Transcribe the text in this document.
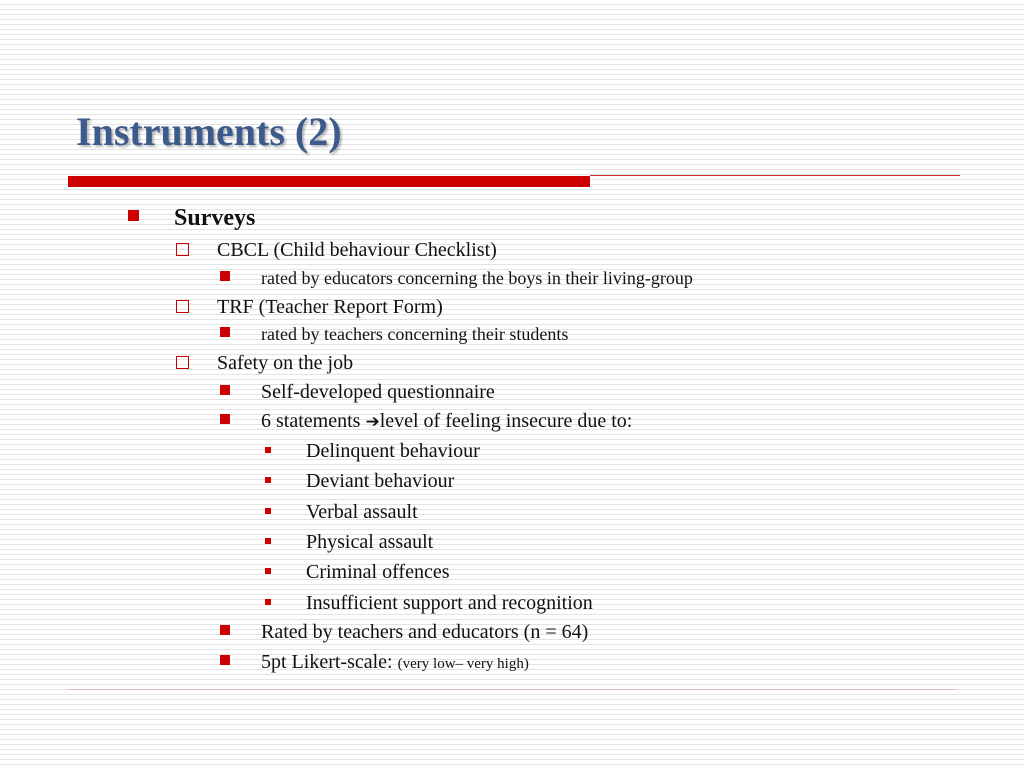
Instruments (2)
Surveys
CBCL (Child behaviour Checklist)
rated by educators concerning the boys in their living-group
TRF (Teacher Report Form)
rated by teachers concerning their students
Safety on the job
Self-developed questionnaire
6 statements ➔level of feeling insecure due to:
Delinquent behaviour
Deviant behaviour
Verbal assault
Physical assault
Criminal offences
Insufficient support and recognition
Rated by teachers and educators (n = 64)
5pt Likert-scale: (very low– very high)
